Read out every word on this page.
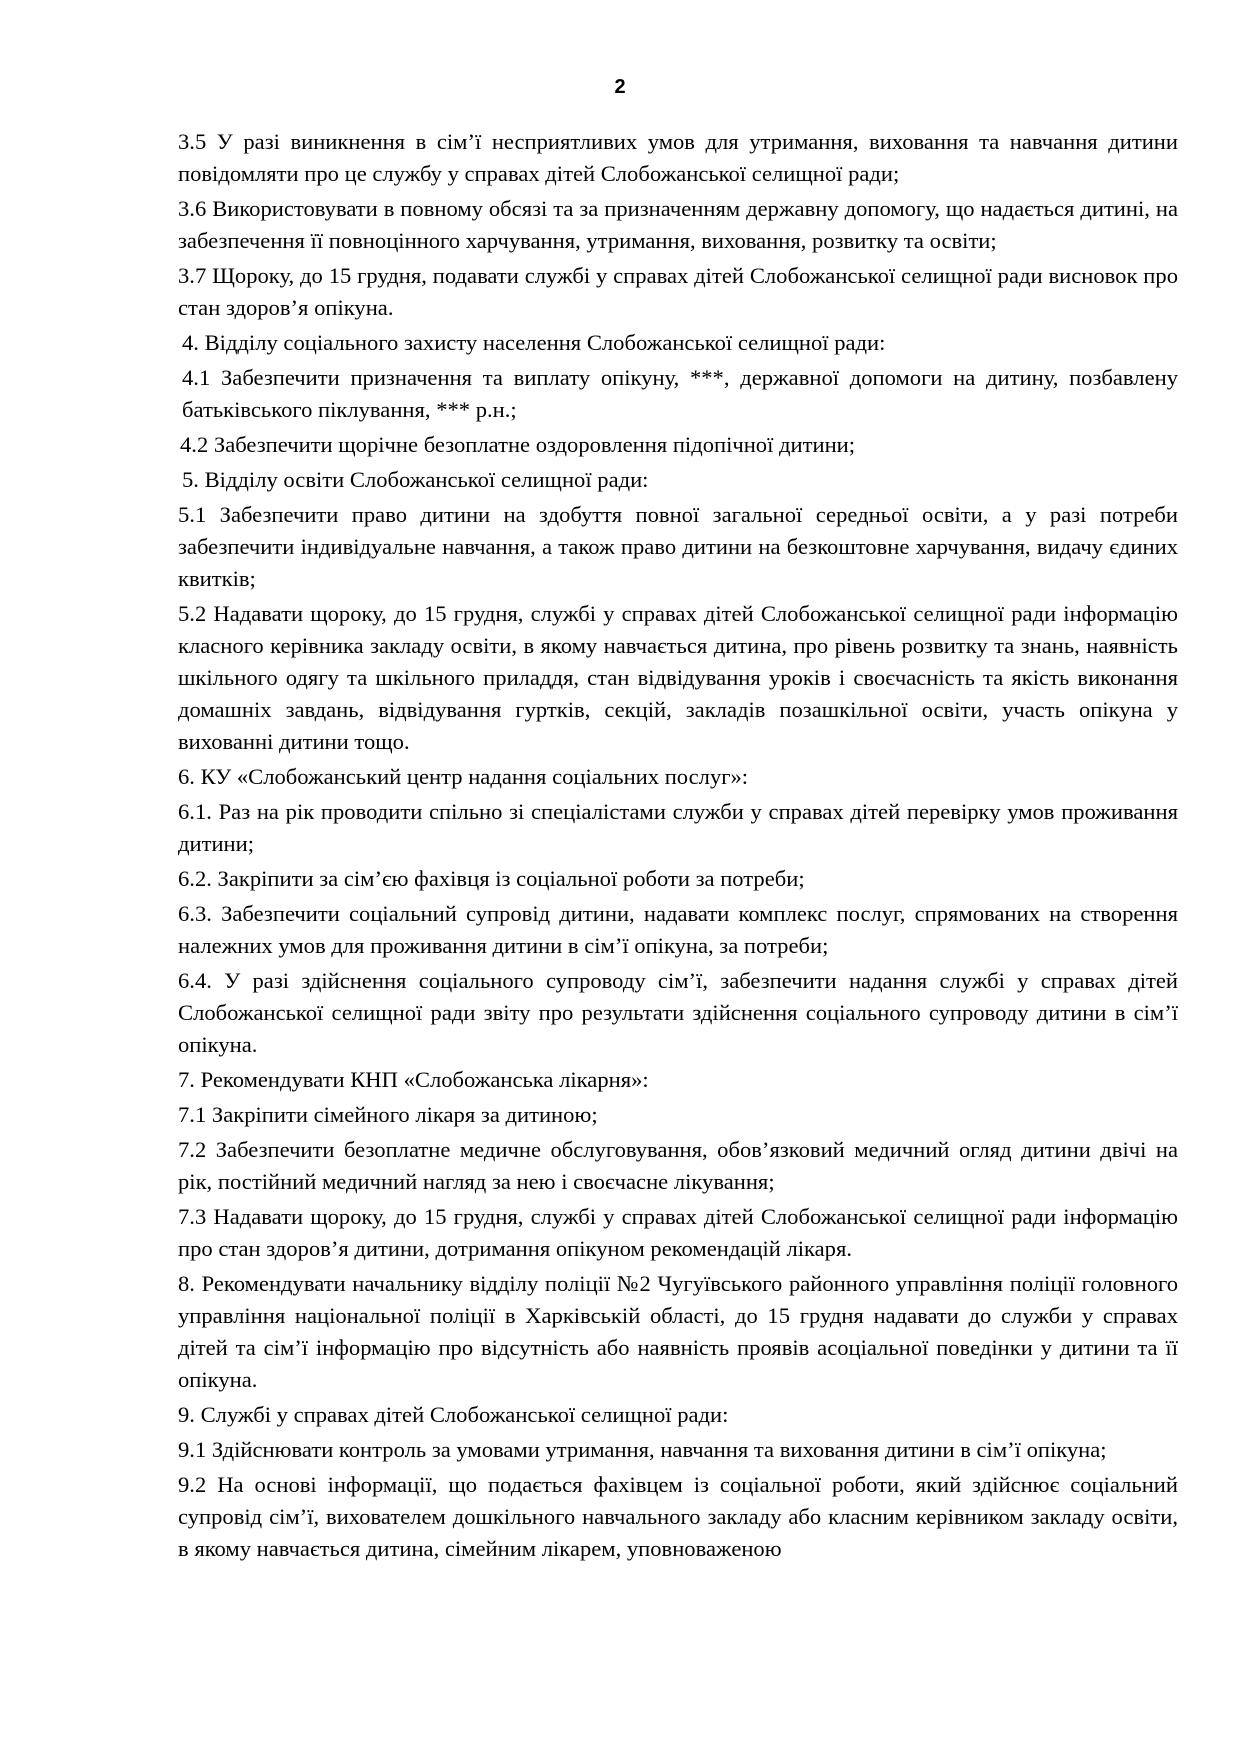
2

3.5 У разі виникнення в сім’ї несприятливих умов для утримання, виховання та навчання дитини повідомляти про це службу у справах дітей Слобожанської селищної ради;

3.6 Використовувати в повному обсязі та за призначенням державну допомогу, що надається дитині, на забезпечення її повноцінного харчування, утримання, виховання, розвитку та освіти;

3.7 Щороку, до 15 грудня, подавати службі у справах дітей Слобожанської селищної ради висновок про стан здоров’я опікуна.

4. Відділу соціального захисту населення Слобожанської селищної ради:

4.1 Забезпечити призначення та виплату опікуну, ***, державної допомоги на дитину, позбавлену батьківського піклування, *** р.н.;

4.2 Забезпечити щорічне безоплатне оздоровлення підопічної дитини;

5. Відділу освіти Слобожанської селищної ради:

5.1 Забезпечити право дитини на здобуття повної загальної середньої освіти, а у разі потреби забезпечити індивідуальне навчання, а також право дитини на безкоштовне харчування, видачу єдиних квитків;

5.2 Надавати щороку, до 15 грудня, службі у справах дітей Слобожанської селищної ради інформацію класного керівника закладу освіти, в якому навчається дитина, про рівень розвитку та знань, наявність шкільного одягу та шкільного приладдя, стан відвідування уроків і своєчасність та якість виконання домашніх завдань, відвідування гуртків, секцій, закладів позашкільної освіти, участь опікуна у вихованні дитини тощо.

6. КУ «Слобожанський центр надання соціальних послуг»:

6.1. Раз на рік проводити спільно зі спеціалістами служби у справах дітей перевірку умов проживання дитини;

6.2. Закріпити за сім’єю фахівця із соціальної роботи за потреби;

6.3. Забезпечити соціальний супровід дитини, надавати комплекс послуг, спрямованих на створення належних умов для проживання дитини в сім’ї опікуна, за потреби;

6.4. У разі здійснення соціального супроводу сім’ї, забезпечити надання службі у справах дітей Слобожанської селищної ради звіту про результати здійснення соціального супроводу дитини в сім’ї опікуна.

7. Рекомендувати КНП «Слобожанська лікарня»:

7.1 Закріпити сімейного лікаря за дитиною;

7.2 Забезпечити безоплатне медичне обслуговування, обов’язковий медичний огляд дитини двічі на рік, постійний медичний нагляд за нею і своєчасне лікування;

7.3 Надавати щороку, до 15 грудня, службі у справах дітей Слобожанської селищної ради інформацію про стан здоров’я дитини, дотримання опікуном рекомендацій лікаря.

8. Рекомендувати начальнику відділу поліції №2 Чугуївського районного управління поліції головного управління національної поліції в Харківській області, до 15 грудня надавати до служби у справах дітей та сім’ї інформацію про відсутність або наявність проявів асоціальної поведінки у дитини та її опікуна.

9. Службі у справах дітей Слобожанської селищної ради:

9.1 Здійснювати контроль за умовами утримання, навчання та виховання дитини в сім’ї опікуна;

9.2 На основі інформації, що подається фахівцем із соціальної роботи, який здійснює соціальний супровід сім’ї, вихователем дошкільного навчального закладу або класним керівником закладу освіти, в якому навчається дитина, сімейним лікарем, уповноваженою
